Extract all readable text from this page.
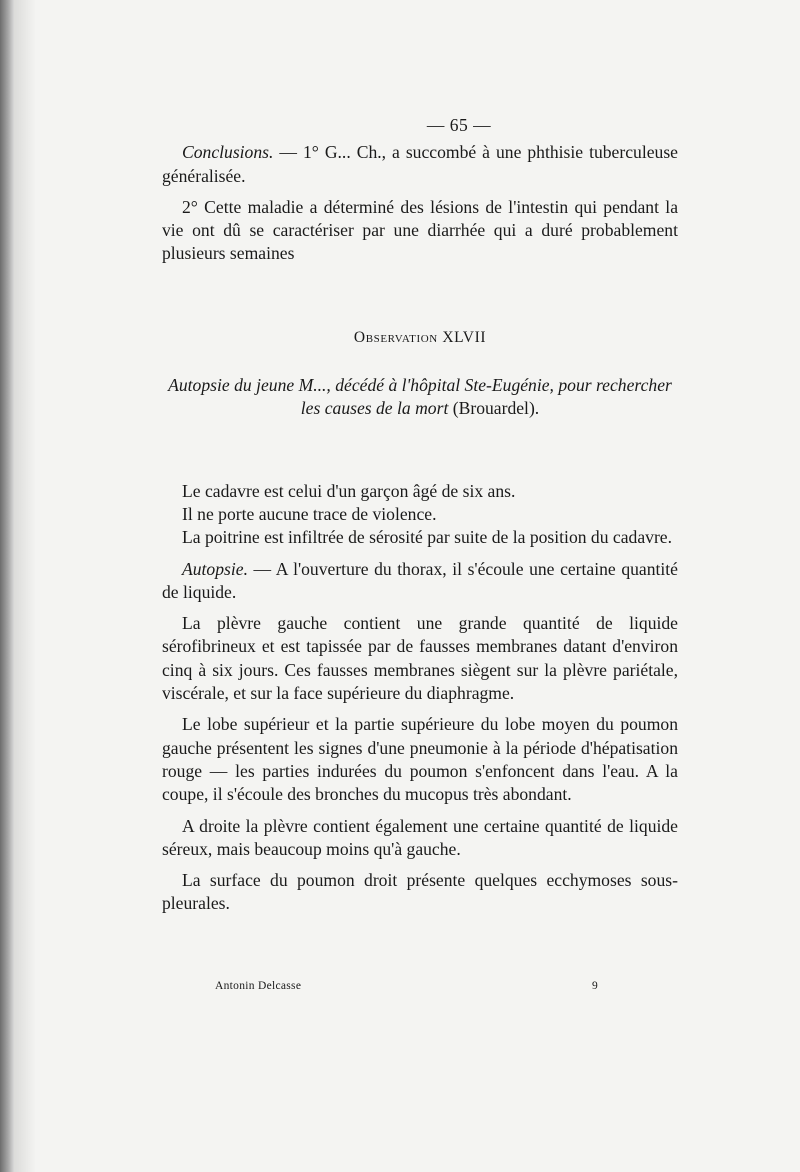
— 65 —

Conclusions. — 1° G... Ch., a succombé à une phthisie tuberculeuse généralisée.

2° Cette maladie a déterminé des lésions de l'intestin qui pendant la vie ont dû se caractériser par une diarrhée qui a duré probablement plusieurs semaines

Observation XLVII
Autopsie du jeune M..., décédé à l'hôpital Ste-Eugénie, pour rechercher les causes de la mort (Brouardel).

Le cadavre est celui d'un garçon âgé de six ans.

Il ne porte aucune trace de violence.

La poitrine est infiltrée de sérosité par suite de la position du cadavre.

Autopsie. — A l'ouverture du thorax, il s'écoule une certaine quantité de liquide.

La plèvre gauche contient une grande quantité de liquide sérofibrineux et est tapissée par de fausses membranes datant d'environ cinq à six jours. Ces fausses membranes siègent sur la plèvre pariétale, viscérale, et sur la face supérieure du diaphragme.

Le lobe supérieur et la partie supérieure du lobe moyen du poumon gauche présentent les signes d'une pneumonie à la période d'hépatisation rouge — les parties indurées du poumon s'enfoncent dans l'eau. A la coupe, il s'écoule des bronches du mucopus très abondant.

A droite la plèvre contient également une certaine quantité de liquide séreux, mais beaucoup moins qu'à gauche.

La surface du poumon droit présente quelques ecchymoses sous-pleurales.

Antonin Delcasse	9
